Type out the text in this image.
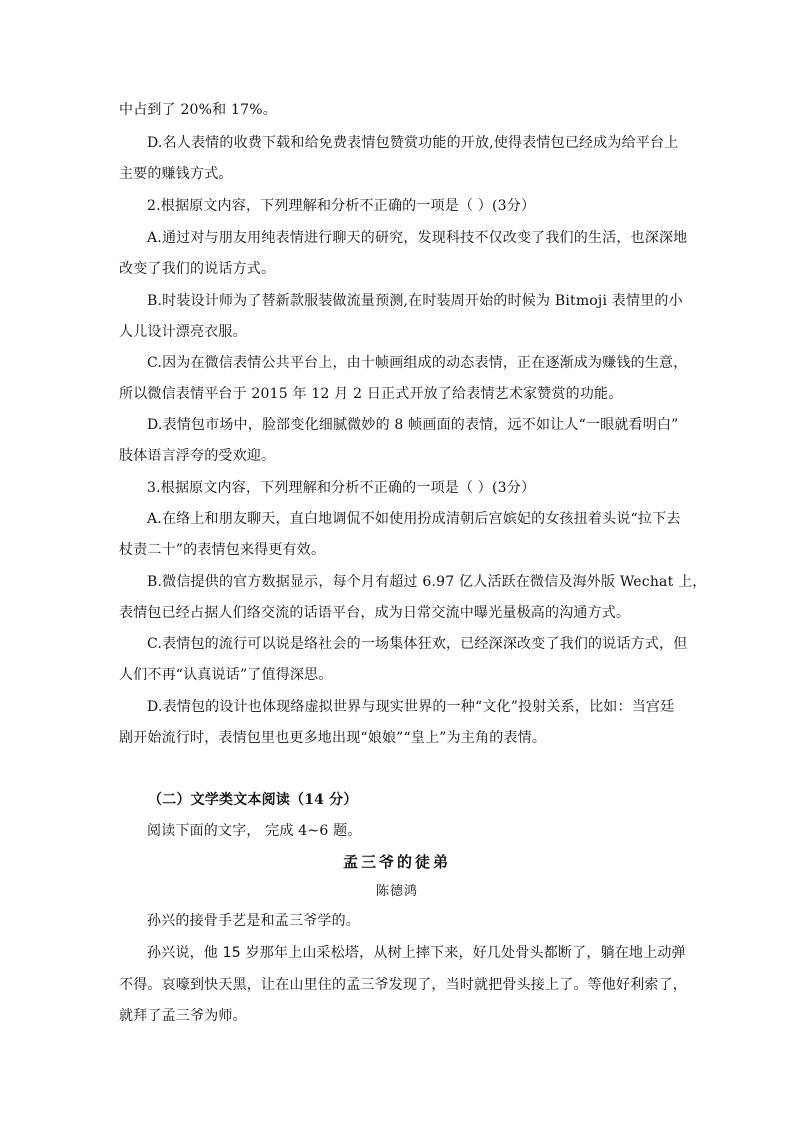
中占到了 20%和 17%。
D.名人表情的收费下载和给免费表情包赞赏功能的开放,使得表情包已经成为给平台上
主要的赚钱方式。
2.根据原文内容，下列理解和分析不正确的一项是（ ）(3分）
A.通过对与朋友用纯表情进行聊天的研究，发现科技不仅改变了我们的生活，也深深地
改变了我们的说话方式。
B.时装设计师为了替新款服装做流量预测,在时装周开始的时候为 Bitmoji 表情里的小
人儿设计漂亮衣服。
C.因为在微信表情公共平台上，由十帧画组成的动态表情，正在逐渐成为赚钱的生意，
所以微信表情平台于 2015 年 12 月 2 日正式开放了给表情艺术家赞赏的功能。
D.表情包市场中，脸部变化细腻微妙的 8 帧画面的表情，远不如让人“一眼就看明白”
肢体语言浮夸的受欢迎。
3.根据原文内容，下列理解和分析不正确的一项是（ ）(3分）
A.在络上和朋友聊天，直白地调侃不如使用扮成清朝后宫嫔妃的女孩扭着头说“拉下去
杖责二十”的表情包来得更有效。
B.微信提供的官方数据显示，每个月有超过 6.97 亿人活跃在微信及海外版 Wechat 上，
表情包已经占据人们络交流的话语平台，成为日常交流中曝光量极高的沟通方式。
C.表情包的流行可以说是络社会的一场集体狂欢，已经深深改变了我们的说话方式，但
人们不再“认真说话”了值得深思。
D.表情包的设计也体现络虚拟世界与现实世界的一种“文化”投射关系，比如：当宫廷
剧开始流行时，表情包里也更多地出现“娘娘”“皇上”为主角的表情。
（二）文学类文本阅读（14 分）
阅读下面的文字， 完成 4~6 题。
孟三爷的徒弟
陈德鸿
孙兴的接骨手艺是和孟三爷学的。
孙兴说，他 15 岁那年上山采松塔，从树上摔下来，好几处骨头都断了，躺在地上动弹
不得。哀嚎到快天黑，让在山里住的孟三爷发现了，当时就把骨头接上了。等他好利索了，
就拜了孟三爷为师。
